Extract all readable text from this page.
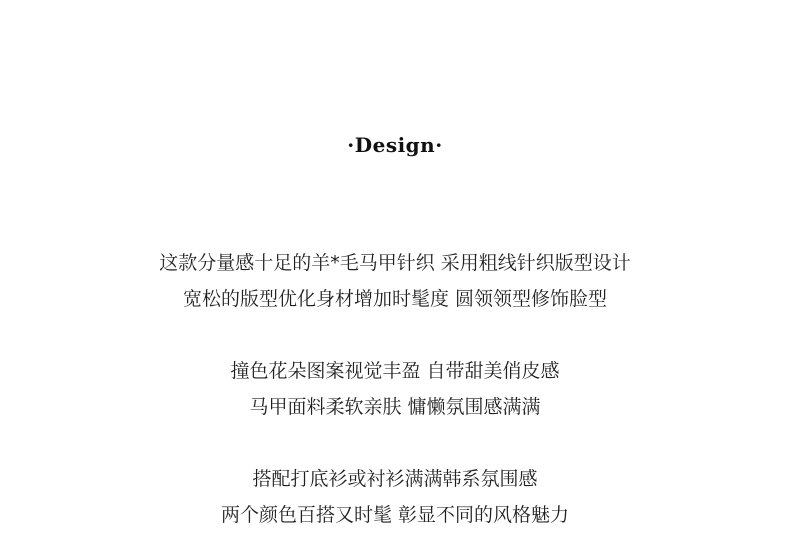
·Design·
这款分量感十足的羊*毛马甲针织 采用粗线针织版型设计
宽松的版型优化身材增加时髦度 圆领领型修饰脸型
撞色花朵图案视觉丰盈 自带甜美俏皮感
马甲面料柔软亲肤 慵懒氛围感满满
搭配打底衫或衬衫满满韩系氛围感
两个颜色百搭又时髦 彰显不同的风格魅力
